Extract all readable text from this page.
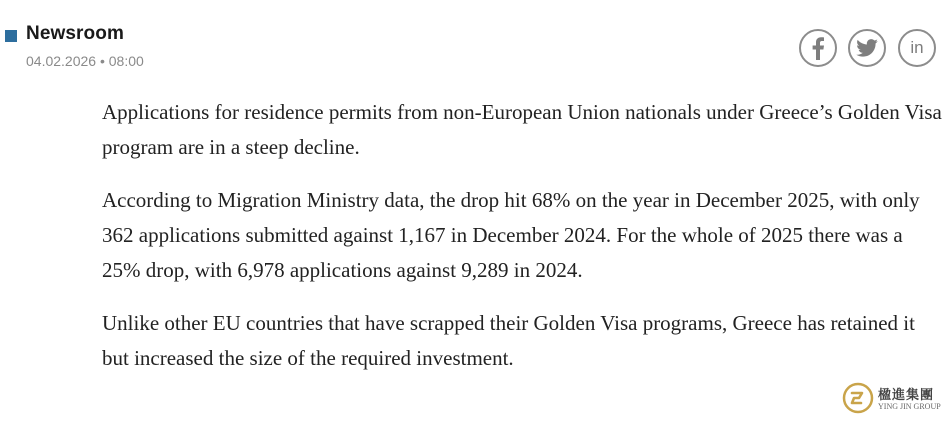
Newsroom
04.02.2026 • 08:00
in

Applications for residence permits from non-European Union nationals under Greece’s Golden Visa program are in a steep decline.

According to Migration Ministry data, the drop hit 68% on the year in December 2025, with only 362 applications submitted against 1,167 in December 2024. For the whole of 2025 there was a 25% drop, with 6,978 applications against 9,289 in 2024.

Unlike other EU countries that have scrapped their Golden Visa programs, Greece has retained it but increased the size of the required investment.

楹進集團
YING JIN GROUP
